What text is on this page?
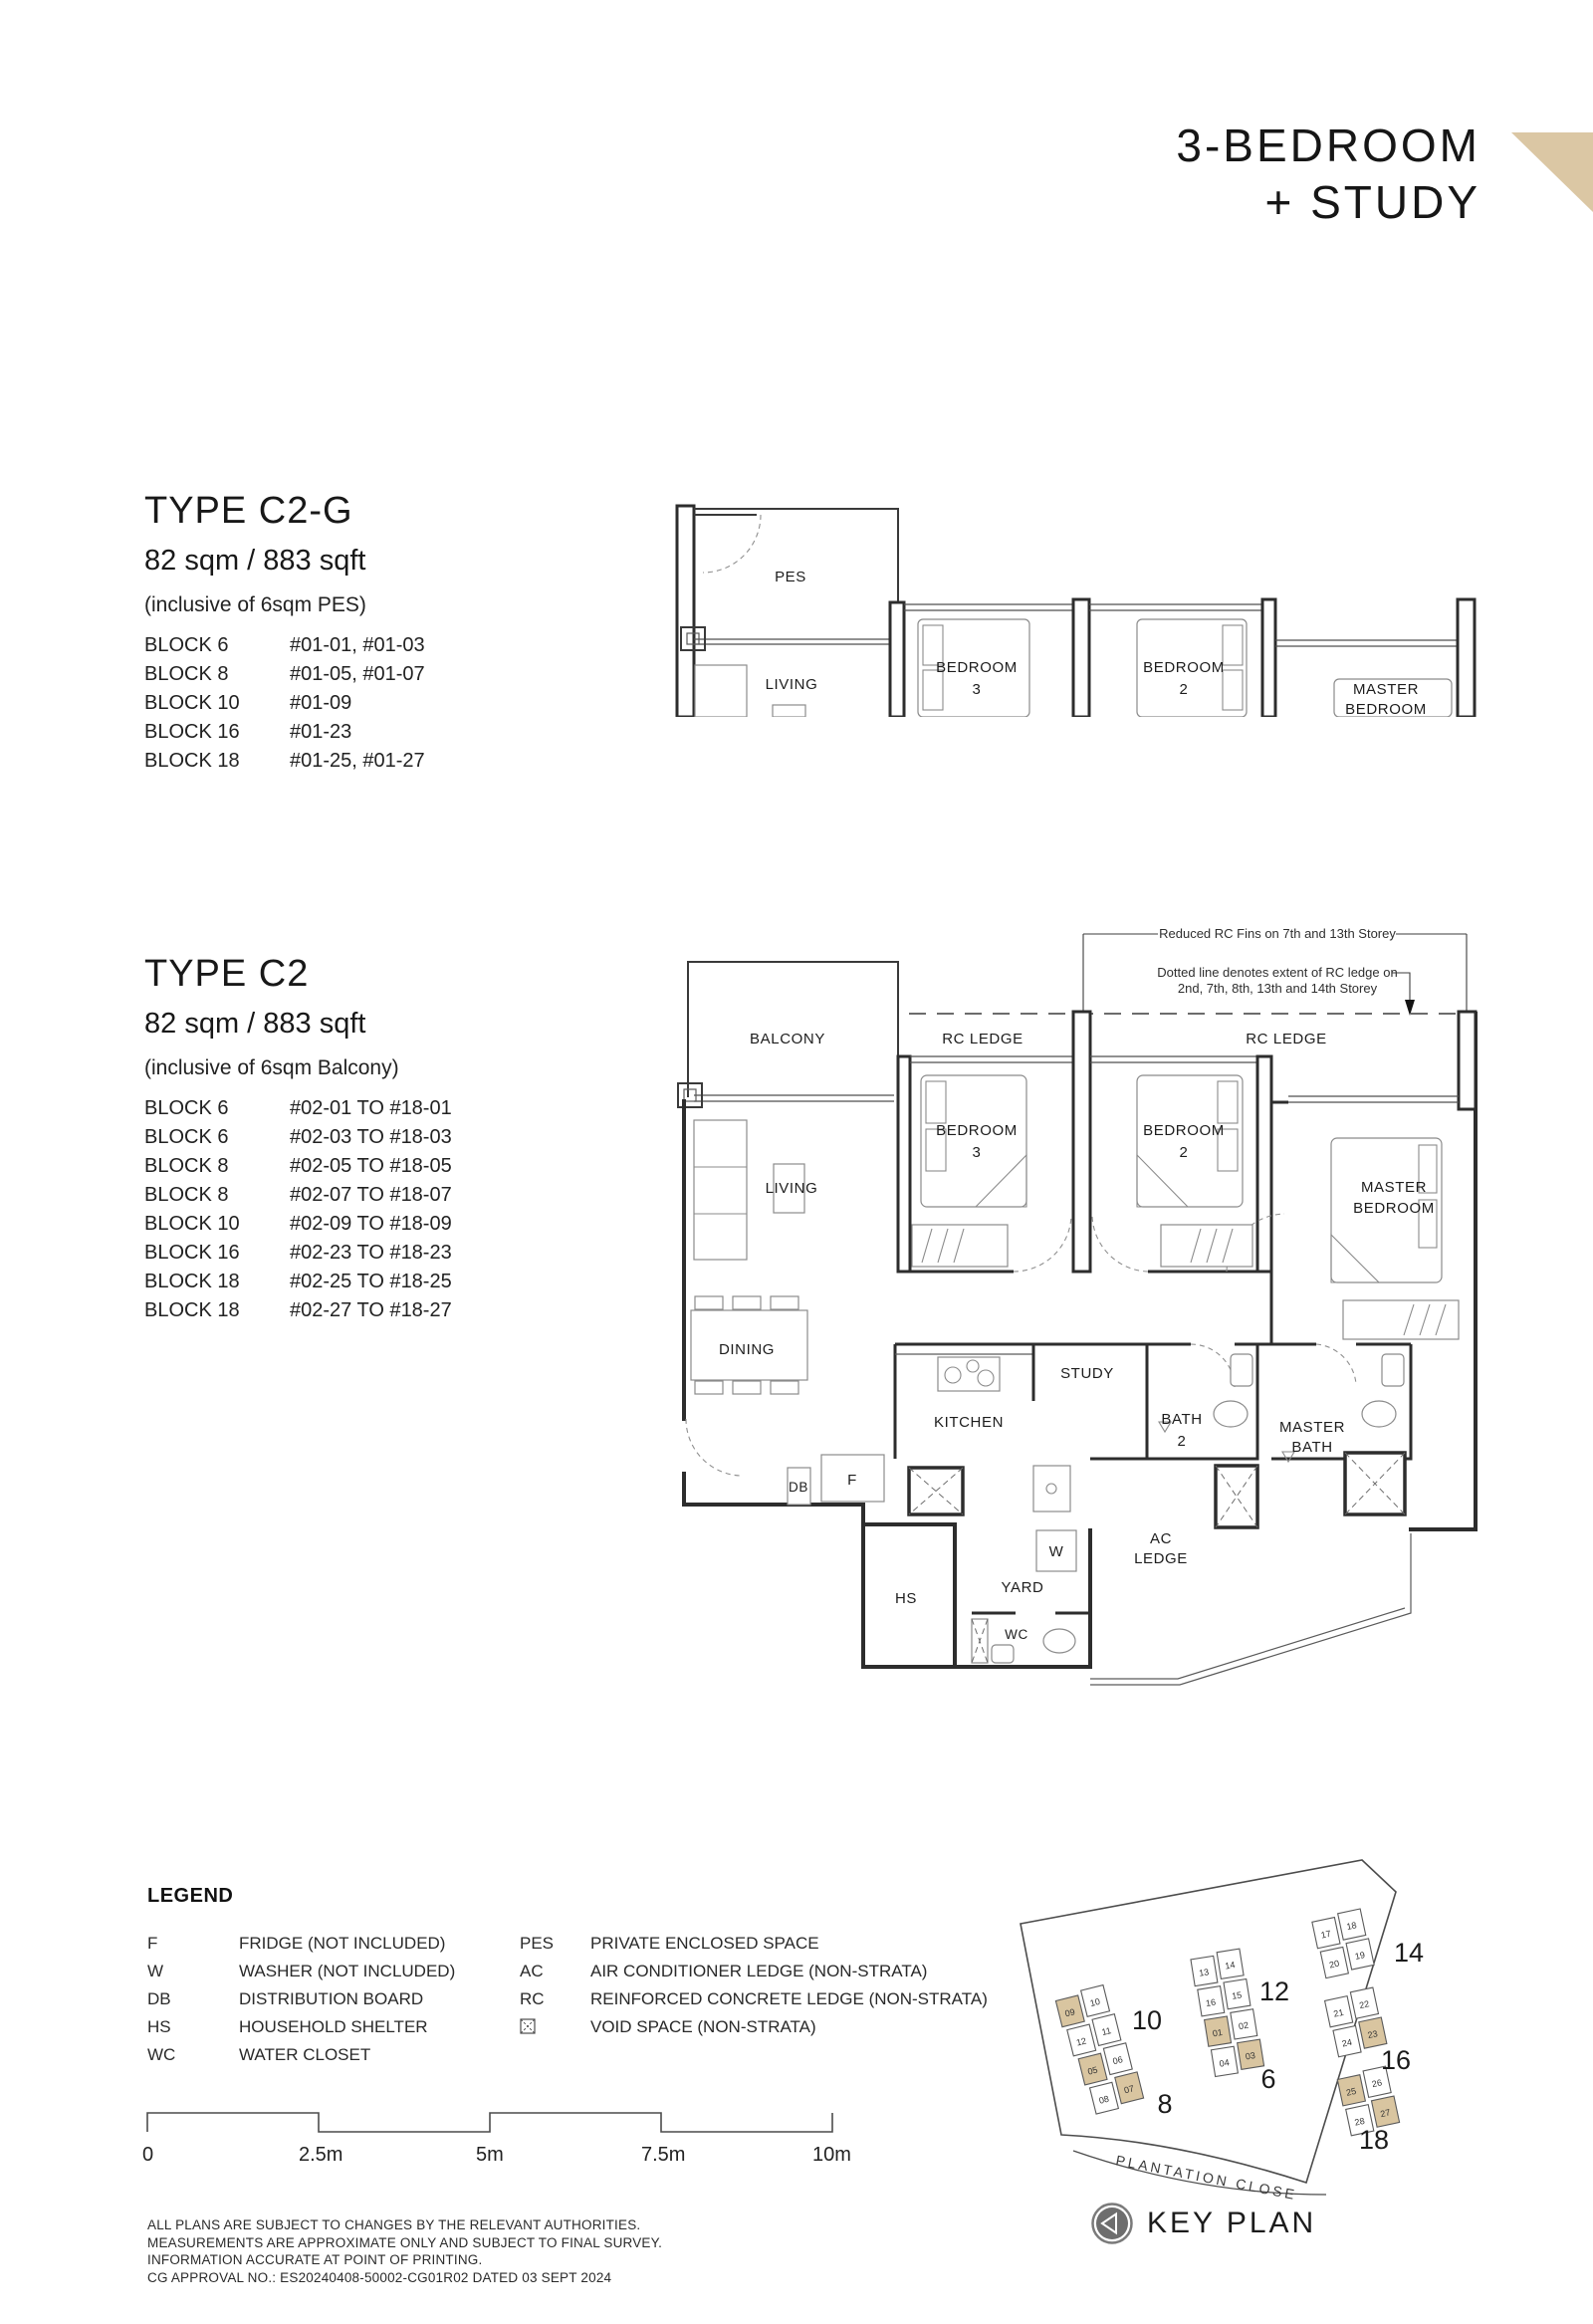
3-BEDROOM
+ STUDY
TYPE C2-G
82 sqm / 883 sqft
(inclusive of 6sqm PES)
BLOCK 6	#01-01, #01-03
BLOCK 8	#01-05, #01-07
BLOCK 10	#01-09
BLOCK 16	#01-23
BLOCK 18	#01-25, #01-27
TYPE C2
82 sqm / 883 sqft
(inclusive of 6sqm Balcony)
BLOCK 6	#02-01 TO #18-01
BLOCK 6	#02-03 TO #18-03
BLOCK 8	#02-05 TO #18-05
BLOCK 8	#02-07 TO #18-07
BLOCK 10	#02-09 TO #18-09
BLOCK 16	#02-23 TO #18-23
BLOCK 18	#02-25 TO #18-25
BLOCK 18	#02-27 TO #18-27
PES
LIVING
BEDROOM
3
BEDROOM
2	MASTER
BEDROOM
Reduced RC Fins on 7th and 13th Storey
Dotted line denotes extent of RC ledge on
2nd, 7th, 8th, 13th and 14th Storey
BALCONY	RC LEDGE	RC LEDGE
LIVING
BEDROOM
3
BEDROOM
2
MASTER
BEDROOM
DINING
KITCHEN
STUDY
BATH
2
MASTER
BATH
AC
LEDGE
DB	F
W
YARD
HS
WC
LEGEND
F	FRIDGE (NOT INCLUDED)
W	WASHER (NOT INCLUDED)
DB	DISTRIBUTION BOARD
HS	HOUSEHOLD SHELTER
WC	WATER CLOSET
PES PRIVATE ENCLOSED SPACE
AC	AIR CONDITIONER LEDGE (NON-STRATA)
RC	REINFORCED CONCRETE LEDGE (NON-STRATA)
VOID SPACE (NON-STRATA)
0	2.5m	5m	7.5m	10m
ALL PLANS ARE SUBJECT TO CHANGES BY THE RELEVANT AUTHORITIES.
MEASUREMENTS ARE APPROXIMATE ONLY AND SUBJECT TO FINAL SURVEY.
INFORMATION ACCURATE AT POINT OF PRINTING.
CG APPROVAL NO.: ES20240408-50002-CG01R02 DATED 03 SEPT 2024
PLANTATION CLOSE
09
10
12
11
05
06
08
07
10
8
13
14
16
15
01
02
04
03
12
6
17
18
20
19
21
22
24
23
25
26
28
27
14
16
18
KEY PLAN
